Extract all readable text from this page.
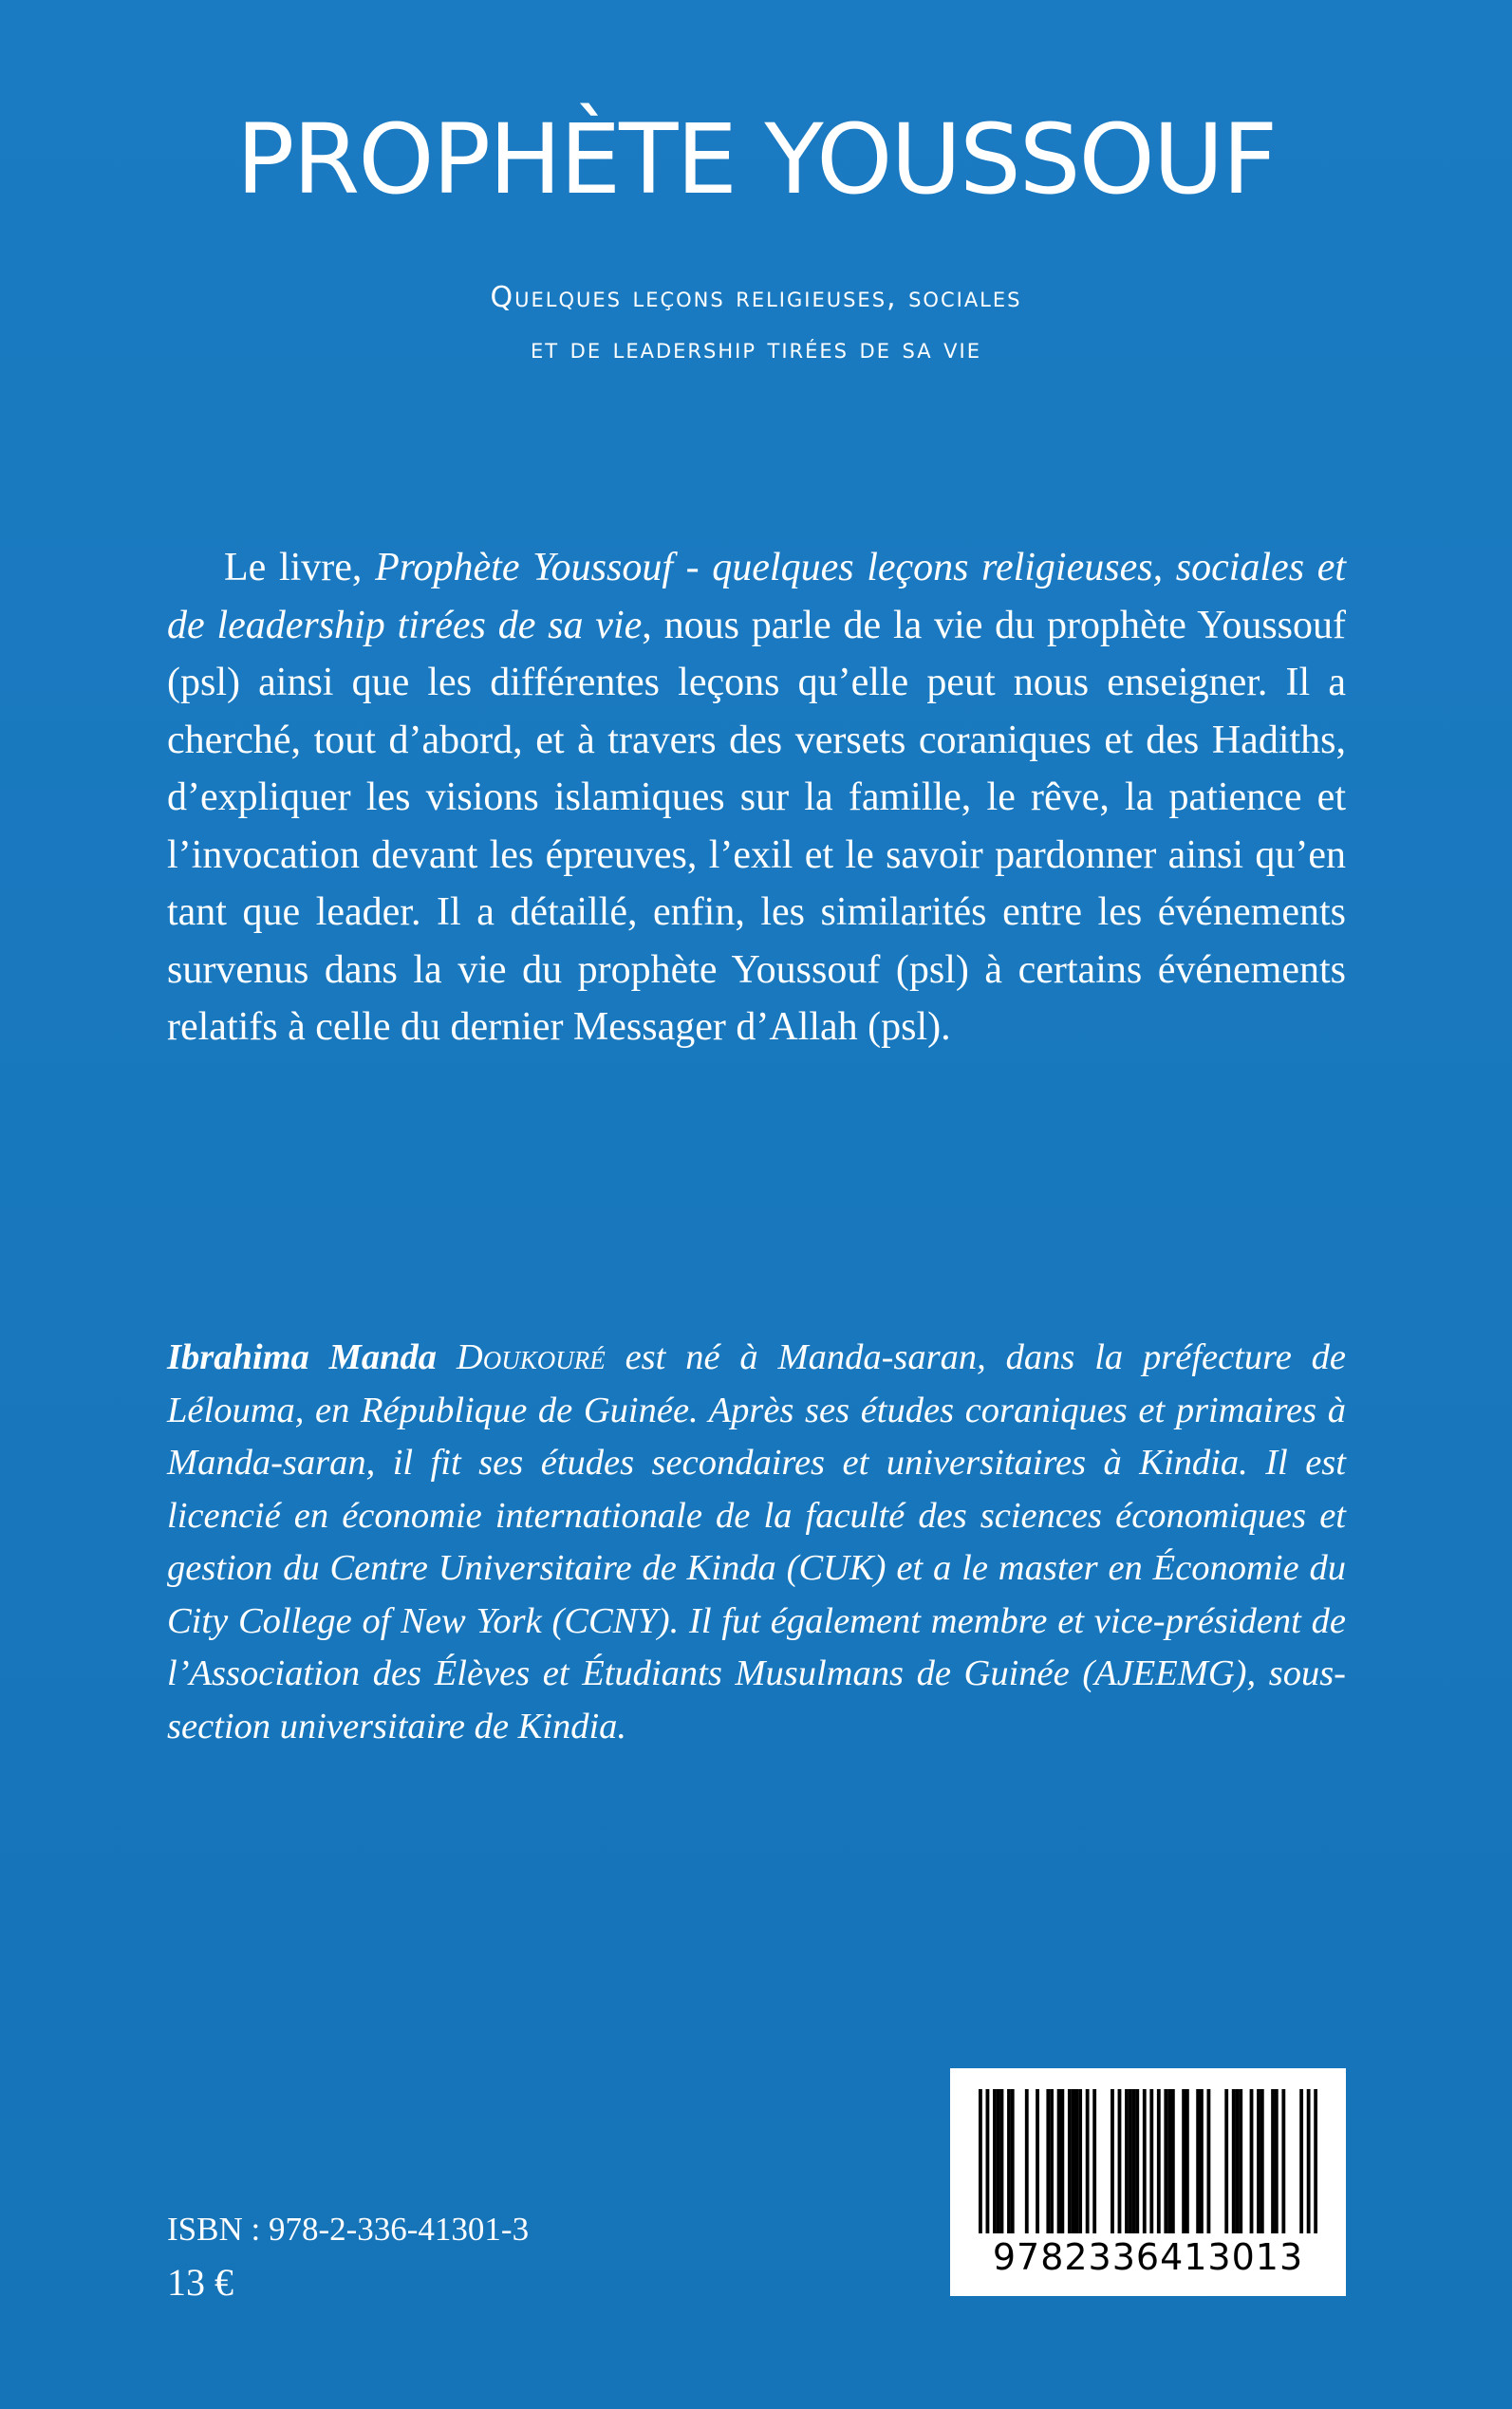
PROPHÈTE YOUSSOUF
Quelques leçons religieuses, sociales
et de leadership tirées de sa vie

Le livre, Prophète Youssouf - quelques leçons religieuses, sociales et de leadership tirées de sa vie, nous parle de la vie du prophète Youssouf (psl) ainsi que les différentes leçons qu’elle peut nous enseigner. Il a cherché, tout d’abord, et à travers des versets coraniques et des Hadiths, d’expliquer les visions islamiques sur la famille, le rêve, la patience et l’invocation devant les épreuves, l’exil et le savoir pardonner ainsi qu’en tant que leader. Il a détaillé, enfin, les similarités entre les événements survenus dans la vie du prophète Youssouf (psl) à certains événements relatifs à celle du dernier Messager d’Allah (psl).

Ibrahima Manda Doukouré est né à Manda-saran, dans la préfecture de Lélouma, en République de Guinée. Après ses études coraniques et primaires à Manda-saran, il fit ses études secondaires et universitaires à Kindia. Il est licencié en économie internationale de la faculté des sciences économiques et gestion du Centre Universitaire de Kinda (CUK) et a le master en Économie du City College of New York (CCNY). Il fut également membre et vice-président de l’Association des Élèves et Étudiants Musulmans de Guinée (AJEEMG), sous-section universitaire de Kindia.

ISBN : 978-2-336-41301-3
13 €
9782336413013
